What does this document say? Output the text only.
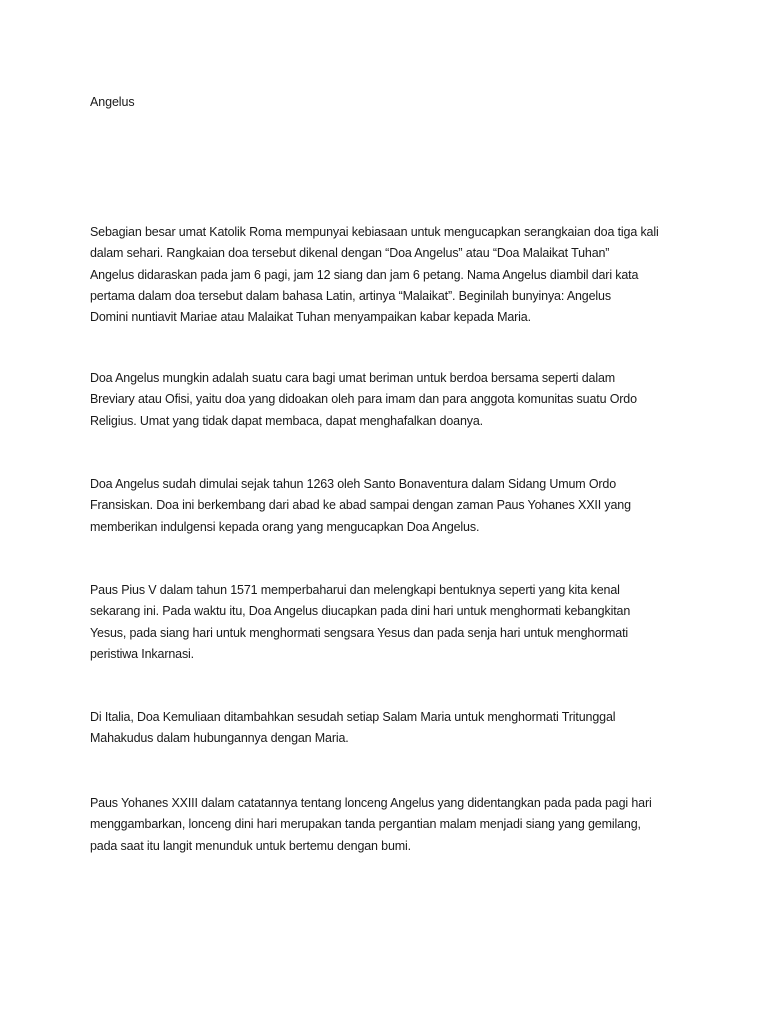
Angelus

Sebagian besar umat Katolik Roma mempunyai kebiasaan untuk mengucapkan serangkaian doa tiga kali
dalam sehari. Rangkaian doa tersebut dikenal dengan “Doa Angelus” atau “Doa Malaikat Tuhan”
Angelus didaraskan pada jam 6 pagi, jam 12 siang dan jam 6 petang. Nama Angelus diambil dari kata
pertama dalam doa tersebut dalam bahasa Latin, artinya “Malaikat”. Beginilah bunyinya: Angelus
Domini nuntiavit Mariae atau Malaikat Tuhan menyampaikan kabar kepada Maria.

Doa Angelus mungkin adalah suatu cara bagi umat beriman untuk berdoa bersama seperti dalam
Breviary atau Ofisi, yaitu doa yang didoakan oleh para imam dan para anggota komunitas suatu Ordo
Religius. Umat yang tidak dapat membaca, dapat menghafalkan doanya.

Doa Angelus sudah dimulai sejak tahun 1263 oleh Santo Bonaventura dalam Sidang Umum Ordo
Fransiskan. Doa ini berkembang dari abad ke abad sampai dengan zaman Paus Yohanes XXII yang
memberikan indulgensi kepada orang yang mengucapkan Doa Angelus.

Paus Pius V dalam tahun 1571 memperbaharui dan melengkapi bentuknya seperti yang kita kenal
sekarang ini. Pada waktu itu, Doa Angelus diucapkan pada dini hari untuk menghormati kebangkitan
Yesus, pada siang hari untuk menghormati sengsara Yesus dan pada senja hari untuk menghormati
peristiwa Inkarnasi.

Di Italia, Doa Kemuliaan ditambahkan sesudah setiap Salam Maria untuk menghormati Tritunggal
Mahakudus dalam hubungannya dengan Maria.

Paus Yohanes XXIII dalam catatannya tentang lonceng Angelus yang didentangkan pada pada pagi hari
menggambarkan, lonceng dini hari merupakan tanda pergantian malam menjadi siang yang gemilang,
pada saat itu langit menunduk untuk bertemu dengan bumi.
